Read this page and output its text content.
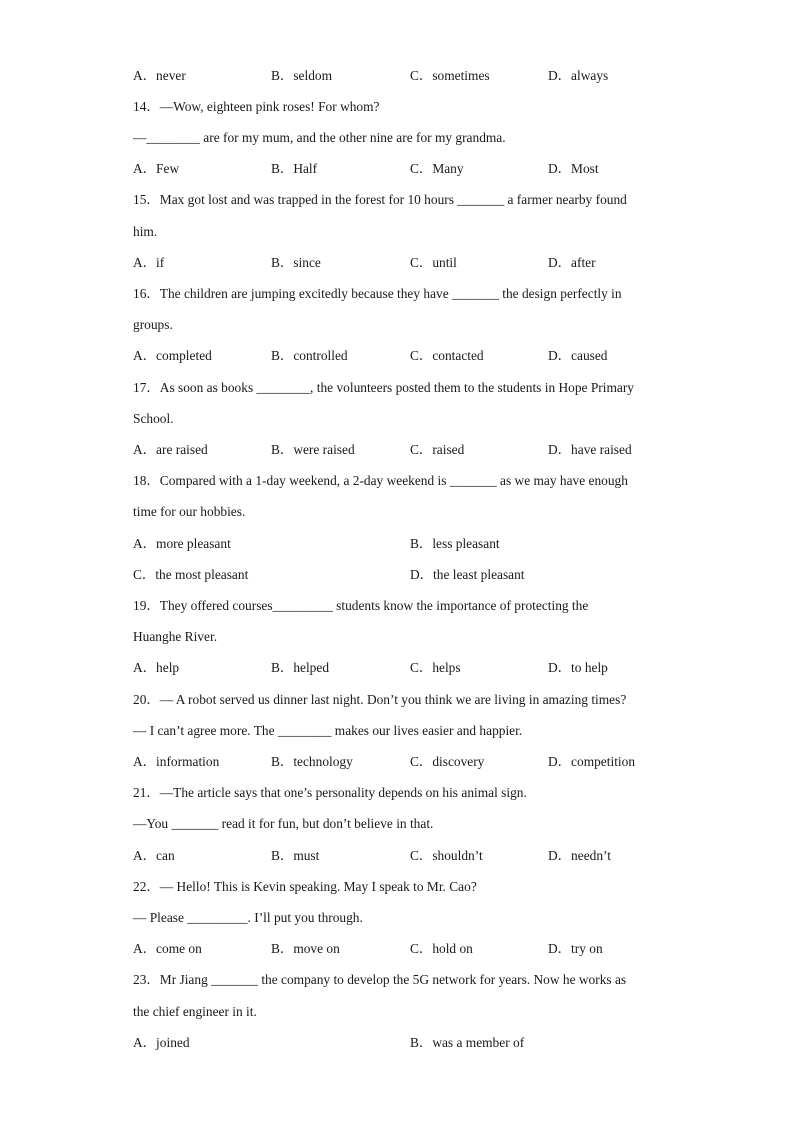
A．never	B．seldom	C．sometimes	D．always
14．—Wow, eighteen pink roses! For whom?
—________ are for my mum, and the other nine are for my grandma.
A．Few	B．Half	C．Many	D．Most
15．Max got lost and was trapped in the forest for 10 hours _______ a farmer nearby found
him.
A．if	B．since	C．until	D．after
16．The children are jumping excitedly because they have _______ the design perfectly in
groups.
A．completed	B．controlled	C．contacted	D．caused
17．As soon as books ________, the volunteers posted them to the students in Hope Primary
School.
A．are raised	B．were raised	C．raised	D．have raised
18．Compared with a 1-day weekend, a 2-day weekend is _______ as we may have enough
time for our hobbies.
A．more pleasant	B．less pleasant
C．the most pleasant	D．the least pleasant
19．They offered courses_________ students know the importance of protecting the
Huanghe River.
A．help	B．helped	C．helps	D．to help
20．— A robot served us dinner last night. Don’t you think we are living in amazing times?
— I can’t agree more. The ________ makes our lives easier and happier.
A．information	B．technology	C．discovery	D．competition
21．—The article says that one’s personality depends on his animal sign.
—You _______ read it for fun, but don’t believe in that.
A．can	B．must	C．shouldn’t	D．needn’t
22．— Hello! This is Kevin speaking. May I speak to Mr. Cao?
— Please _________. I’ll put you through.
A．come on	B．move on	C．hold on	D．try on
23．Mr Jiang _______ the company to develop the 5G network for years. Now he works as
the chief engineer in it.
A．joined	B．was a member of
